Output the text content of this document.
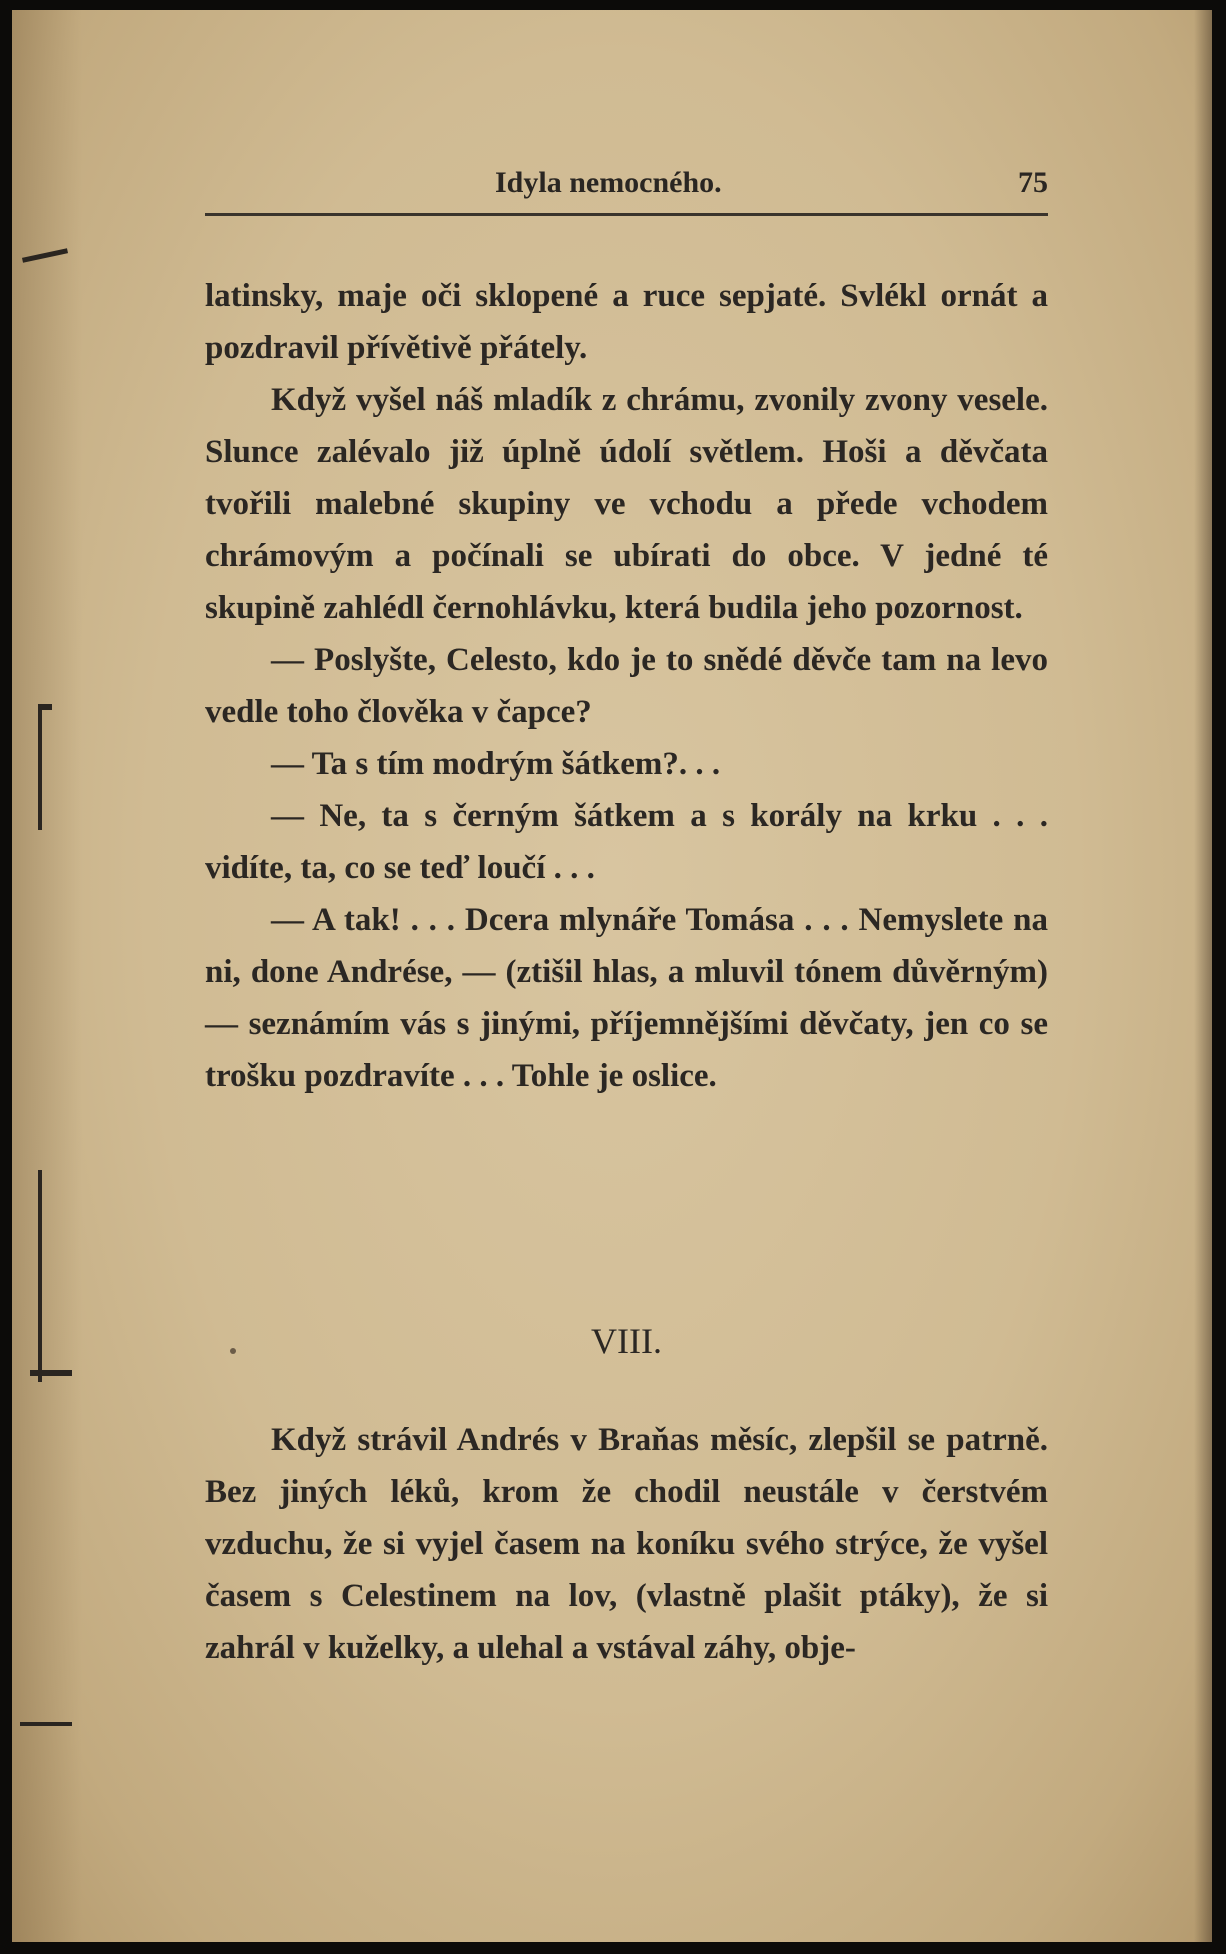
Idyla nemocného.	75

latinsky, maje oči sklopené a ruce sepjaté. Svlékl ornát a pozdravil přívětivě přátely.

Když vyšel náš mladík z chrámu, zvonily zvony vesele. Slunce zalévalo již úplně údolí světlem. Hoši a děvčata tvořili malebné skupiny ve vchodu a přede vchodem chrámovým a počínali se ubírati do obce. V jedné té skupině zahlédl černohlávku, která budila jeho pozornost.

— Poslyšte, Celesto, kdo je to snědé děvče tam na levo vedle toho člověka v čapce?

— Ta s tím modrým šátkem?. . .

— Ne, ta s černým šátkem a s korály na krku . . . vidíte, ta, co se teď loučí . . .

— A tak! . . . Dcera mlynáře Tomása . . . Nemyslete na ni, done Andrése, — (ztišil hlas, a mluvil tónem důvěrným) — seznámím vás s jinými, příjemnějšími děvčaty, jen co se trošku pozdravíte . . . Tohle je oslice.

VIII.

Když strávil Andrés v Braňas měsíc, zlepšil se patrně. Bez jiných léků, krom že chodil neustále v čerstvém vzduchu, že si vyjel časem na koníku svého strýce, že vyšel časem s Celestinem na lov, (vlastně plašit ptáky), že si zahrál v kuželky, a ulehal a vstával záhy, obje-
